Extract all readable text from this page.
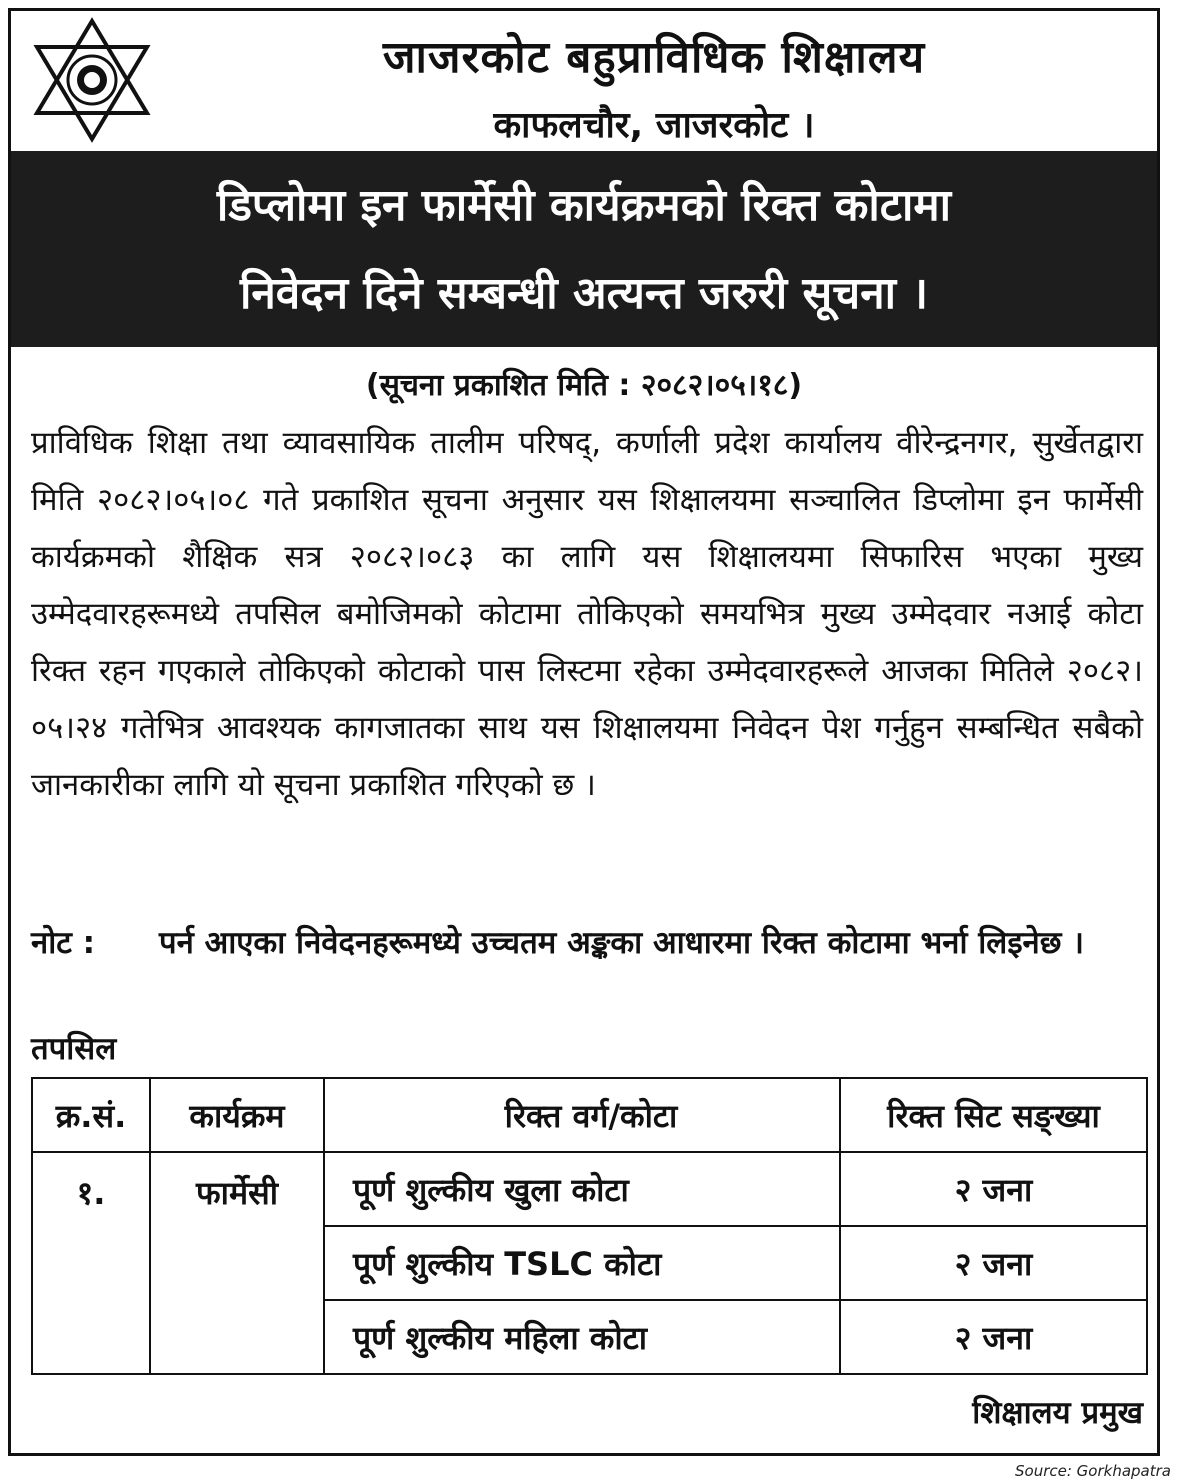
जाजरकोट बहुप्राविधिक शिक्षालय
काफलचौर, जाजरकोट ।
डिप्लोमा इन फार्मेसी कार्यक्रमको रिक्त कोटामा
निवेदन दिने सम्बन्धी अत्यन्त जरुरी सूचना ।
(सूचना प्रकाशित मिति : २०८२।०५।१८)
प्राविधिक शिक्षा तथा व्यावसायिक तालीम परिषद्, कर्णाली प्रदेश कार्यालय वीरेन्द्रनगर, सुर्खेतद्वारा मिति २०८२।०५।०८ गते प्रकाशित सूचना अनुसार यस शिक्षालयमा सञ्चालित डिप्लोमा इन फार्मेसी कार्यक्रमको शैक्षिक सत्र २०८२।०८३ का लागि यस शिक्षालयमा सिफारिस भएका मुख्य उम्मेदवारहरूमध्ये तपसिल बमोजिमको कोटामा तोकिएको समयभित्र मुख्य उम्मेदवार नआई कोटा रिक्त रहन गएकाले तोकिएको कोटाको पास लिस्टमा रहेका उम्मेदवारहरूले आजका मितिले २०८२।०५।२४ गतेभित्र आवश्यक कागजातका साथ यस शिक्षालयमा निवेदन पेश गर्नुहुन सम्बन्धित सबैको जानकारीका लागि यो सूचना प्रकाशित गरिएको छ ।
नोट : पर्न आएका निवेदनहरूमध्ये उच्चतम अङ्कका आधारमा रिक्त कोटामा भर्ना लिइनेछ ।
तपसिल
क्र.सं.	कार्यक्रम	रिक्त वर्ग/कोटा	रिक्त सिट सङ्ख्या
१.	फार्मेसी	पूर्ण शुल्कीय खुला कोटा	२ जना
		पूर्ण शुल्कीय TSLC कोटा	२ जना
		पूर्ण शुल्कीय महिला कोटा	२ जना
शिक्षालय प्रमुख
Source: Gorkhapatra
